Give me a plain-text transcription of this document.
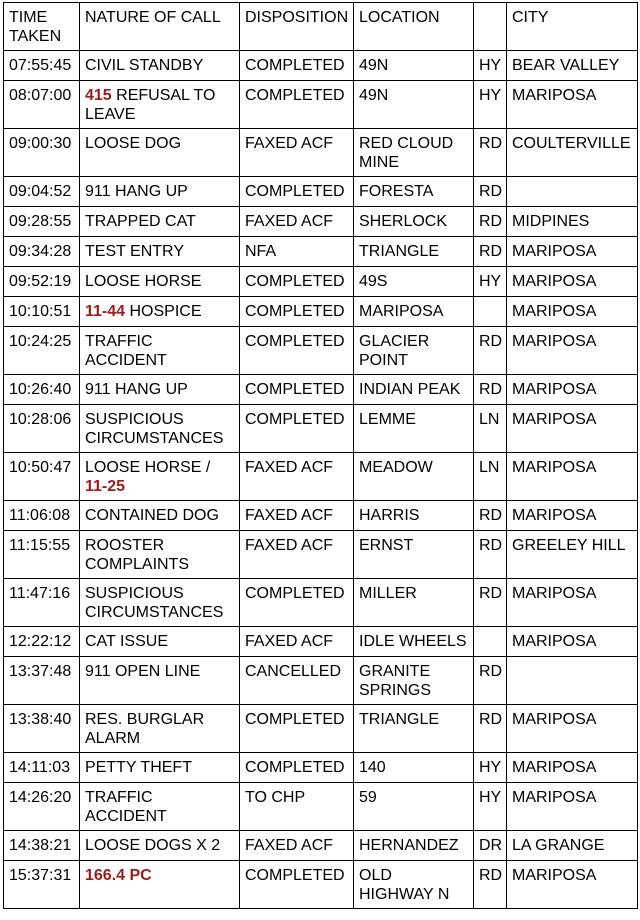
TIME TAKEN	NATURE OF CALL	DISPOSITION	LOCATION		CITY
07:55:45	CIVIL STANDBY	COMPLETED	49N	HY	BEAR VALLEY
08:07:00	415 REFUSAL TO LEAVE	COMPLETED	49N	HY	MARIPOSA
09:00:30	LOOSE DOG	FAXED ACF	RED CLOUD MINE	RD	COULTERVILLE
09:04:52	911 HANG UP	COMPLETED	FORESTA	RD	
09:28:55	TRAPPED CAT	FAXED ACF	SHERLOCK	RD	MIDPINES
09:34:28	TEST ENTRY	NFA	TRIANGLE	RD	MARIPOSA
09:52:19	LOOSE HORSE	COMPLETED	49S	HY	MARIPOSA
10:10:51	11-44 HOSPICE	COMPLETED	MARIPOSA		MARIPOSA
10:24:25	TRAFFIC ACCIDENT	COMPLETED	GLACIER POINT	RD	MARIPOSA
10:26:40	911 HANG UP	COMPLETED	INDIAN PEAK	RD	MARIPOSA
10:28:06	SUSPICIOUS CIRCUMSTANCES	COMPLETED	LEMME	LN	MARIPOSA
10:50:47	LOOSE HORSE / 11-25	FAXED ACF	MEADOW	LN	MARIPOSA
11:06:08	CONTAINED DOG	FAXED ACF	HARRIS	RD	MARIPOSA
11:15:55	ROOSTER COMPLAINTS	FAXED ACF	ERNST	RD	GREELEY HILL
11:47:16	SUSPICIOUS CIRCUMSTANCES	COMPLETED	MILLER	RD	MARIPOSA
12:22:12	CAT ISSUE	FAXED ACF	IDLE WHEELS		MARIPOSA
13:37:48	911 OPEN LINE	CANCELLED	GRANITE SPRINGS	RD	
13:38:40	RES. BURGLAR ALARM	COMPLETED	TRIANGLE	RD	MARIPOSA
14:11:03	PETTY THEFT	COMPLETED	140	HY	MARIPOSA
14:26:20	TRAFFIC ACCIDENT	TO CHP	59	HY	MARIPOSA
14:38:21	LOOSE DOGS X 2	FAXED ACF	HERNANDEZ	DR	LA GRANGE
15:37:31	166.4 PC	COMPLETED	OLD HIGHWAY N	RD	MARIPOSA
